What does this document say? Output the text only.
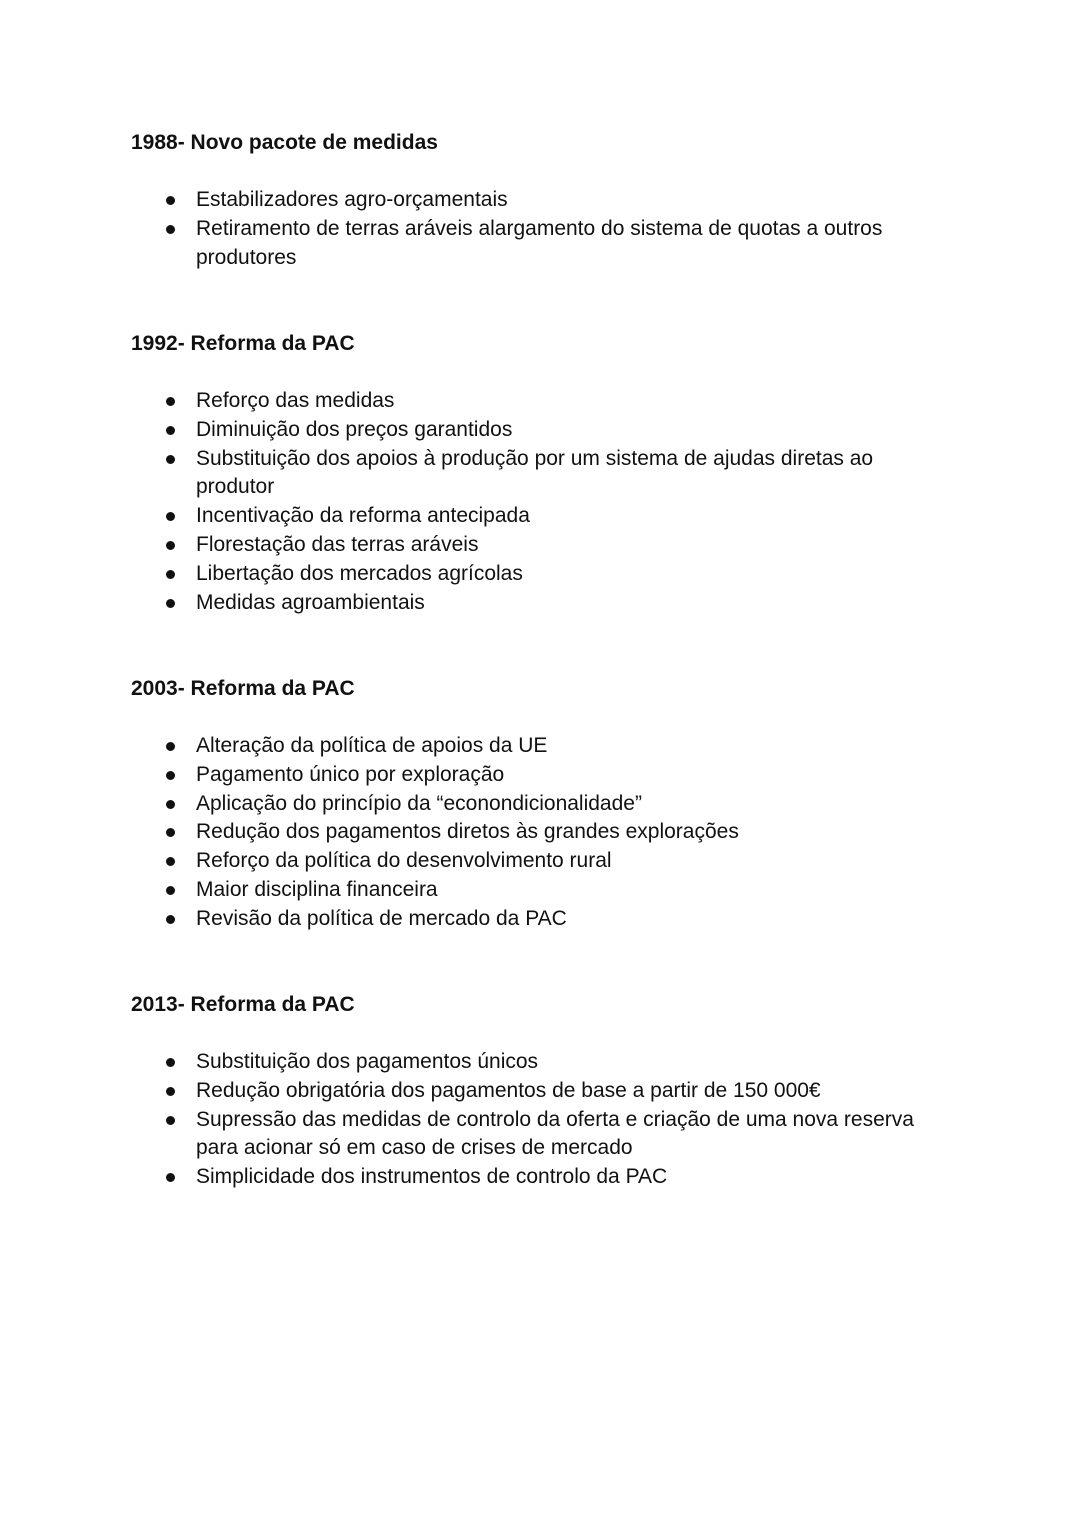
1988- Novo pacote de medidas
Estabilizadores agro-orçamentais
Retiramento de terras aráveis alargamento do sistema de quotas a outros produtores
1992- Reforma da PAC
Reforço das medidas
Diminuição dos preços garantidos
Substituição dos apoios à produção por um sistema de ajudas diretas ao produtor
Incentivação da reforma antecipada
Florestação das terras aráveis
Libertação dos mercados agrícolas
Medidas agroambientais
2003- Reforma da PAC
Alteração da política de apoios da UE
Pagamento único por exploração
Aplicação do princípio da “econondicionalidade”
Redução dos pagamentos diretos às grandes explorações
Reforço da política do desenvolvimento rural
Maior disciplina financeira
Revisão da política de mercado da PAC
2013- Reforma da PAC
Substituição dos pagamentos únicos
Redução obrigatória dos pagamentos de base a partir de 150 000€
Supressão das medidas de controlo da oferta e criação de uma nova reserva para acionar só em caso de crises de mercado
Simplicidade dos instrumentos de controlo da PAC
